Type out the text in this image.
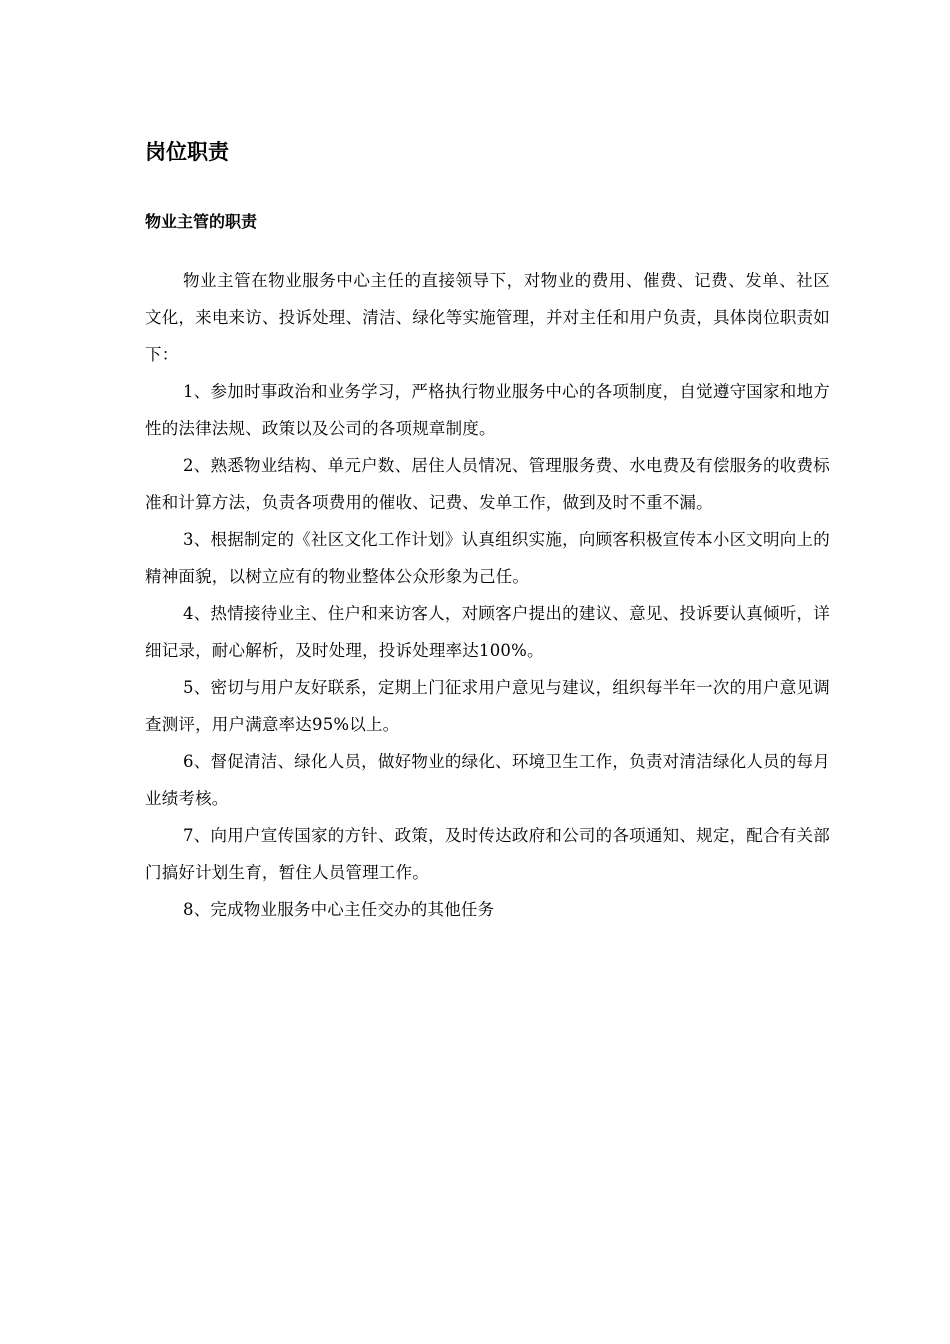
岗位职责
物业主管的职责

物业主管在物业服务中心主任的直接领导下，对物业的费用、催费、记费、发单、社区文化，来电来访、投诉处理、清洁、绿化等实施管理，并对主任和用户负责，具体岗位职责如下：

1、参加时事政治和业务学习，严格执行物业服务中心的各项制度，自觉遵守国家和地方性的法律法规、政策以及公司的各项规章制度。

2、熟悉物业结构、单元户数、居住人员情况、管理服务费、水电费及有偿服务的收费标准和计算方法，负责各项费用的催收、记费、发单工作，做到及时不重不漏。

3、根据制定的《社区文化工作计划》认真组织实施，向顾客积极宣传本小区文明向上的精神面貌，以树立应有的物业整体公众形象为己任。

4、热情接待业主、住户和来访客人，对顾客户提出的建议、意见、投诉要认真倾听，详细记录，耐心解析，及时处理，投诉处理率达100%。

5、密切与用户友好联系，定期上门征求用户意见与建议，组织每半年一次的用户意见调查测评，用户满意率达95%以上。

6、督促清洁、绿化人员，做好物业的绿化、环境卫生工作，负责对清洁绿化人员的每月业绩考核。

7、向用户宣传国家的方针、政策，及时传达政府和公司的各项通知、规定，配合有关部门搞好计划生育，暂住人员管理工作。

8、完成物业服务中心主任交办的其他任务
